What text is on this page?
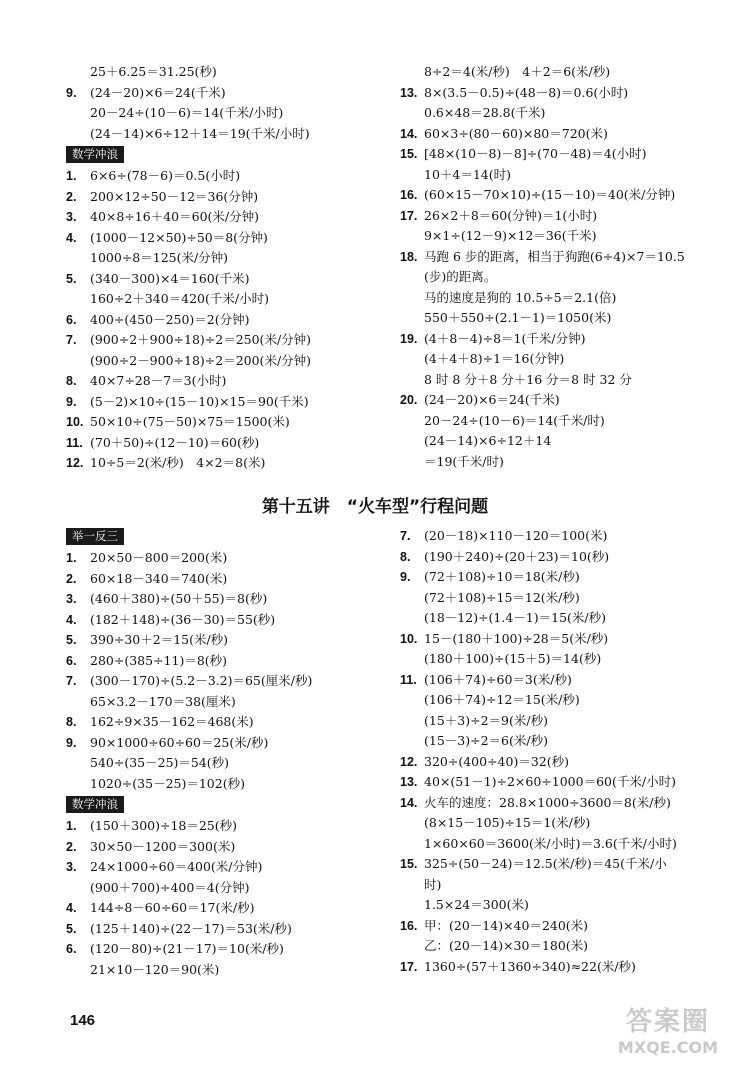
25＋6.25＝31.25(秒)
9.	(24－20)×6＝24(千米)
20－24÷(10－6)＝14(千米/小时)
(24－14)×6÷12＋14＝19(千米/小时)
数学冲浪
1.	6×6÷(78－6)＝0.5(小时)
2.	200×12÷50－12＝36(分钟)
3.	40×8÷16＋40＝60(米/分钟)
4.	(1000－12×50)÷50＝8(分钟)
1000÷8＝125(米/分钟)
5.	(340－300)×4＝160(千米)
160÷2＋340＝420(千米/小时)
6.	400÷(450－250)＝2(分钟)
7.	(900÷2＋900÷18)÷2＝250(米/分钟)
(900÷2－900÷18)÷2＝200(米/分钟)
8.	40×7÷28－7＝3(小时)
9.	(5－2)×10÷(15－10)×15＝90(千米)
10. 50×10÷(75－50)×75＝1500(米)
11. (70＋50)÷(12－10)＝60(秒)
12. 10÷5＝2(米/秒)　4×2＝8(米)
8÷2＝4(米/秒)　4＋2＝6(米/秒)
13. 8×(3.5－0.5)÷(48－8)＝0.6(小时)
0.6×48＝28.8(千米)
14. 60×3÷(80－60)×80＝720(米)
15. [48×(10－8)－8]÷(70－48)＝4(小时)
10＋4＝14(时)
16. (60×15－70×10)÷(15－10)＝40(米/分钟)
17. 26×2＋8＝60(分钟)＝1(小时)
9×1÷(12－9)×12＝36(千米)
18. 马跑 6 步的距离，相当于狗跑(6÷4)×7＝10.5
(步)的距离。
马的速度是狗的 10.5÷5＝2.1(倍)
550＋550÷(2.1－1)＝1050(米)
19. (4＋8－4)÷8＝1(千米/分钟)
(4＋4＋8)÷1＝16(分钟)
8 时 8 分＋8 分＋16 分＝8 时 32 分
20. (24－20)×6＝24(千米)
20－24÷(10－6)＝14(千米/时)
(24－14)×6÷12＋14
＝19(千米/时)
第十五讲　“火车型”行程问题
举一反三
1.	20×50－800＝200(米)
2.	60×18－340＝740(米)
3.	(460＋380)÷(50＋55)＝8(秒)
4.	(182＋148)÷(36－30)＝55(秒)
5.	390÷30＋2＝15(米/秒)
6.	280÷(385÷11)＝8(秒)
7.	(300－170)÷(5.2－3.2)＝65(厘米/秒)
65×3.2－170＝38(厘米)
8.	162÷9×35－162＝468(米)
9.	90×1000÷60÷60＝25(米/秒)
540÷(35－25)＝54(秒)
1020÷(35－25)＝102(秒)
数学冲浪
1.	(150＋300)÷18＝25(秒)
2.	30×50－1200＝300(米)
3.	24×1000÷60＝400(米/分钟)
(900＋700)÷400＝4(分钟)
4.	144÷8－60÷60＝17(米/秒)
5.	(125＋140)÷(22－17)＝53(米/秒)
6.	(120－80)÷(21－17)＝10(米/秒)
21×10－120＝90(米)
7.	(20－18)×110－120＝100(米)
8.	(190＋240)÷(20＋23)＝10(秒)
9.	(72＋108)÷10＝18(米/秒)
(72＋108)÷15＝12(米/秒)
(18－12)÷(1.4－1)＝15(米/秒)
10. 15－(180＋100)÷28＝5(米/秒)
(180＋100)÷(15＋5)＝14(秒)
11. (106＋74)÷60＝3(米/秒)
(106＋74)÷12＝15(米/秒)
(15＋3)÷2＝9(米/秒)
(15－3)÷2＝6(米/秒)
12. 320÷(400÷40)＝32(秒)
13. 40×(51－1)÷2×60÷1000＝60(千米/小时)
14. 火车的速度：28.8×1000÷3600＝8(米/秒)
(8×15－105)÷15＝1(米/秒)
1×60×60＝3600(米/小时)＝3.6(千米/小时)
15. 325÷(50－24)＝12.5(米/秒)＝45(千米/小
时)
1.5×24＝300(米)
16. 甲：(20－14)×40＝240(米)
乙：(20－14)×30＝180(米)
17. 1360÷(57＋1360÷340)≈22(米/秒)
146	答案圈
MXQE.COM
